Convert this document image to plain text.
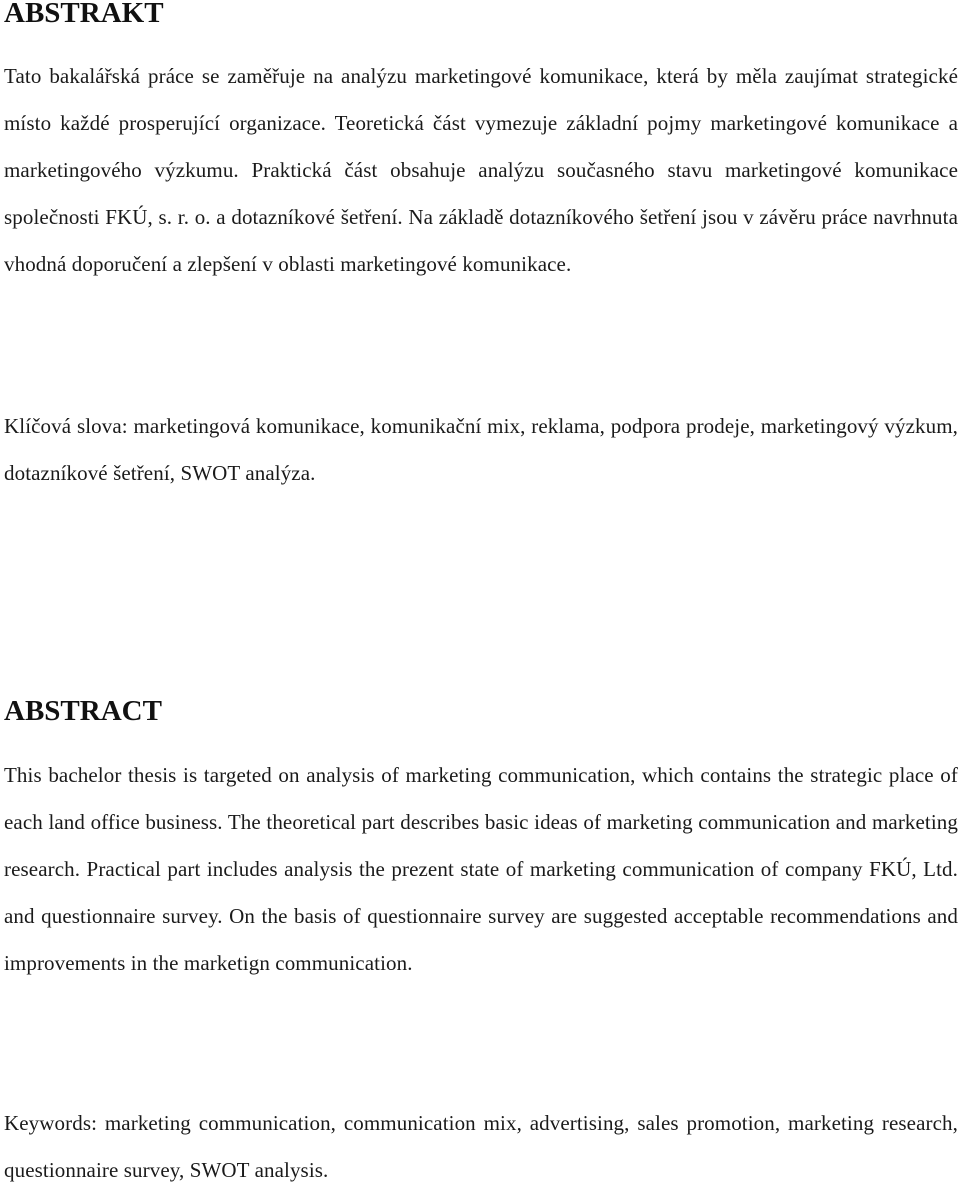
ABSTRAKT

Tato bakalářská práce se zaměřuje na analýzu marketingové komunikace, která by měla zaujímat strategické místo každé prosperující organizace. Teoretická část vymezuje základní pojmy marketingové komunikace a marketingového výzkumu. Praktická část obsahuje analýzu současného stavu marketingové komunikace společnosti FKÚ, s. r. o. a dotazníkové šetření. Na základě dotazníkového šetření jsou v závěru práce navrhnuta vhodná doporučení a zlepšení v oblasti marketingové komunikace.

Klíčová slova: marketingová komunikace, komunikační mix, reklama, podpora prodeje, marketingový výzkum, dotazníkové šetření, SWOT analýza.

ABSTRACT

This bachelor thesis is targeted on analysis of marketing communication, which contains the strategic place of each land office business. The theoretical part describes basic ideas of marketing communication and marketing research. Practical part includes analysis the prezent state of marketing communication of company FKÚ, Ltd. and questionnaire survey. On the basis of questionnaire survey are suggested acceptable recommendations and improvements in the marketign communication.

Keywords: marketing communication, communication mix, advertising, sales promotion, marketing research, questionnaire survey, SWOT analysis.
